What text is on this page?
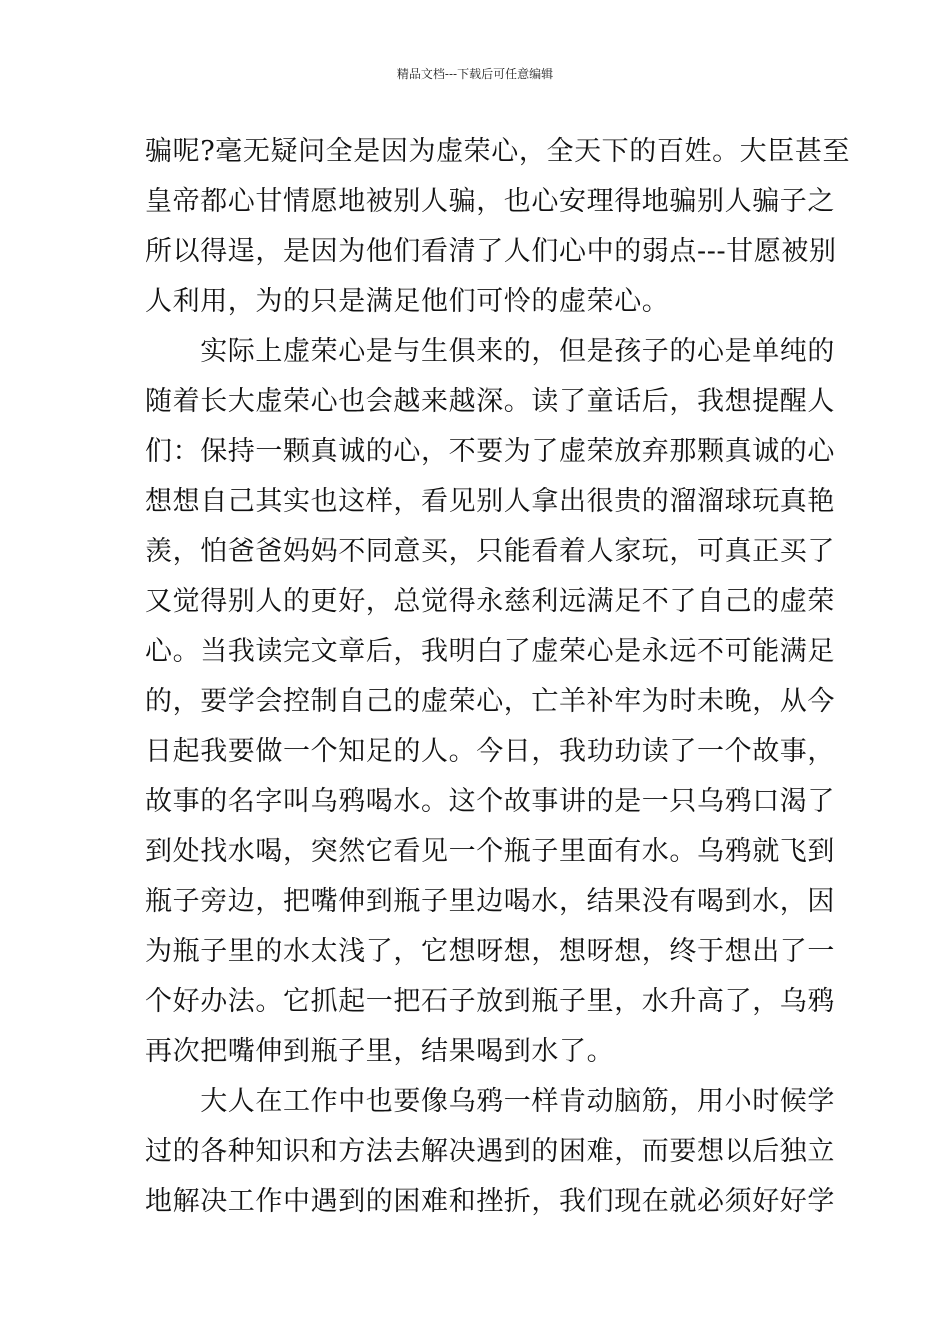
精品文档---下载后可任意编辑
骗呢?毫无疑问全是因为虚荣心，全天下的百姓。大臣甚至
皇帝都心甘情愿地被别人骗，也心安理得地骗别人骗子之
所以得逞，是因为他们看清了人们心中的弱点---甘愿被别
人利用，为的只是满足他们可怜的虚荣心。
　　实际上虚荣心是与生俱来的，但是孩子的心是单纯的
随着长大虚荣心也会越来越深。读了童话后，我想提醒人
们：保持一颗真诚的心，不要为了虚荣放弃那颗真诚的心
想想自己其实也这样，看见别人拿出很贵的溜溜球玩真艳
羡，怕爸爸妈妈不同意买，只能看着人家玩，可真正买了
又觉得别人的更好，总觉得永慈利远满足不了自己的虚荣
心。当我读完文章后，我明白了虚荣心是永远不可能满足
的，要学会控制自己的虚荣心，亡羊补牢为时未晚，从今
日起我要做一个知足的人。今日，我玏玏读了一个故事，
故事的名字叫乌鸦喝水。这个故事讲的是一只乌鸦口渴了
到处找水喝，突然它看见一个瓶子里面有水。乌鸦就飞到
瓶子旁边，把嘴伸到瓶子里边喝水，结果没有喝到水，因
为瓶子里的水太浅了，它想呀想，想呀想，终于想出了一
个好办法。它抓起一把石子放到瓶子里，水升高了，乌鸦
再次把嘴伸到瓶子里，结果喝到水了。
　　大人在工作中也要像乌鸦一样肯动脑筋，用小时候学
过的各种知识和方法去解决遇到的困难，而要想以后独立
地解决工作中遇到的困难和挫折，我们现在就必须好好学
